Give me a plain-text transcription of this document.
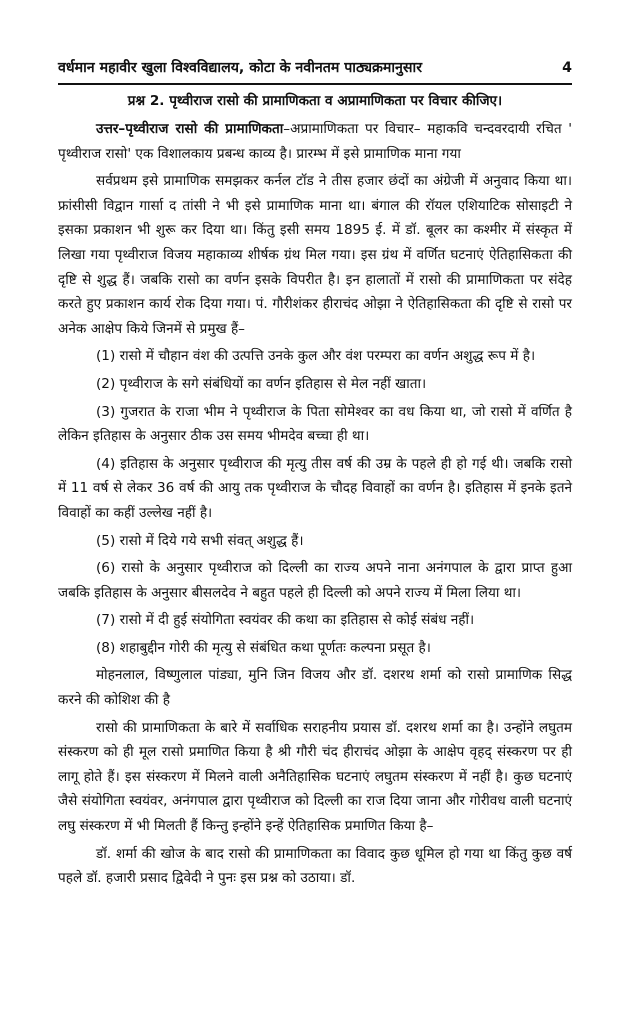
वर्धमान महावीर खुला विश्वविद्यालय, कोटा के नवीनतम पाठ्यक्रमानुसार	4
प्रश्न 2. पृथ्वीराज रासो की प्रामाणिकता व अप्रामाणिकता पर विचार कीजिए।

उत्तर–पृथ्वीराज रासो की प्रामाणिकता–अप्रामाणिकता पर विचार– महाकवि चन्दवरदायी रचित ' पृथ्वीराज रासो' एक विशालकाय प्रबन्ध काव्य है। प्रारम्भ में इसे प्रामाणिक माना गया

सर्वप्रथम इसे प्रामाणिक समझकर कर्नल टॉड ने तीस हजार छंदों का अंग्रेजी में अनुवाद किया था। फ्रांसीसी विद्वान गार्सा द तांसी ने भी इसे प्रामाणिक माना था। बंगाल की रॉयल एशियाटिक सोसाइटी ने इसका प्रकाशन भी शुरू कर दिया था। किंतु इसी समय 1895 ई. में डॉ. बूलर का कश्मीर में संस्कृत में लिखा गया पृथ्वीराज विजय महाकाव्य शीर्षक ग्रंथ मिल गया। इस ग्रंथ में वर्णित घटनाएं ऐतिहासिकता की दृष्टि से शुद्ध हैं। जबकि रासो का वर्णन इसके विपरीत है। इन हालातों में रासो की प्रामाणिकता पर संदेह करते हुए प्रकाशन कार्य रोक दिया गया। पं. गौरीशंकर हीराचंद ओझा ने ऐतिहासिकता की दृष्टि से रासो पर अनेक आक्षेप किये जिनमें से प्रमुख हैं–

(1) रासो में चौहान वंश की उत्पत्ति उनके कुल और वंश परम्परा का वर्णन अशुद्ध रूप में है।

(2) पृथ्वीराज के सगे संबंधियों का वर्णन इतिहास से मेल नहीं खाता।

(3) गुजरात के राजा भीम ने पृथ्वीराज के पिता सोमेश्वर का वध किया था, जो रासो में वर्णित है लेकिन इतिहास के अनुसार ठीक उस समय भीमदेव बच्चा ही था।

(4) इतिहास के अनुसार पृथ्वीराज की मृत्यु तीस वर्ष की उम्र के पहले ही हो गई थी। जबकि रासो में 11 वर्ष से लेकर 36 वर्ष की आयु तक पृथ्वीराज के चौदह विवाहों का वर्णन है। इतिहास में इनके इतने विवाहों का कहीं उल्लेख नहीं है।

(5) रासो में दिये गये सभी संवत् अशुद्ध हैं।

(6) रासो के अनुसार पृथ्वीराज को दिल्ली का राज्य अपने नाना अनंगपाल के द्वारा प्राप्त हुआ जबकि इतिहास के अनुसार बीसलदेव ने बहुत पहले ही दिल्ली को अपने राज्य में मिला लिया था।

(7) रासो में दी हुई संयोगिता स्वयंवर की कथा का इतिहास से कोई संबंध नहीं।

(8) शहाबुद्दीन गोरी की मृत्यु से संबंधित कथा पूर्णतः कल्पना प्रसूत है।

मोहनलाल, विष्णुलाल पांड्या, मुनि जिन विजय और डॉ. दशरथ शर्मा को रासो प्रामाणिक सिद्ध करने की कोशिश की है

रासो की प्रामाणिकता के बारे में सर्वाधिक सराहनीय प्रयास डॉ. दशरथ शर्मा का है। उन्होंने लघुतम संस्करण को ही मूल रासो प्रमाणित किया है श्री गौरी चंद हीराचंद ओझा के आक्षेप वृहद् संस्करण पर ही लागू होते हैं। इस संस्करण में मिलने वाली अनैतिहासिक घटनाएं लघुतम संस्करण में नहीं है। कुछ घटनाएं जैसे संयोगिता स्वयंवर, अनंगपाल द्वारा पृथ्वीराज को दिल्ली का राज दिया जाना और गोरीवध वाली घटनाएं लघु संस्करण में भी मिलती हैं किन्तु इन्होंने इन्हें ऐतिहासिक प्रमाणित किया है–

डॉ. शर्मा की खोज के बाद रासो की प्रामाणिकता का विवाद कुछ धूमिल हो गया था किंतु कुछ वर्ष पहले डॉ. हजारी प्रसाद द्विवेदी ने पुनः इस प्रश्न को उठाया। डॉ.
